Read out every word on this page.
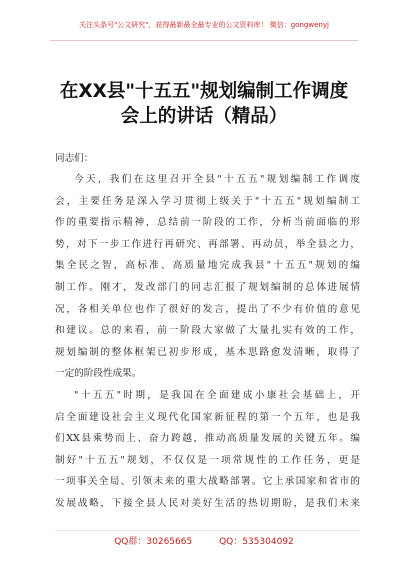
关注头条号"公文研究"，获得最新最全最专业的公文资料库！ 微信：gongwenyj
在XX县"十五五"规划编制工作调度
会上的讲话（精品）
同志们：
今天，我们在这里召开全县"十五五"规划编制工作调度
会，主要任务是深入学习贯彻上级关于"十五五"规划编制工
作的重要指示精神，总结前一阶段的工作，分析当前面临的形
势，对下一步工作进行再研究、再部署、再动员，举全县之力，
集全民之智，高标准、高质量地完成我县"十五五"规划的编
制工作。刚才，发改部门的同志汇报了规划编制的总体进展情
况，各相关单位也作了很好的发言，提出了不少有价值的意见
和建议。总的来看，前一阶段大家做了大量扎实有效的工作，
规划编制的整体框架已初步形成，基本思路愈发清晰，取得了
一定的阶段性成果。
"十五五"时期，是我国在全面建成小康社会基础上，开
启全面建设社会主义现代化国家新征程的第一个五年，也是我
们XX县乘势而上、奋力跨越，推动高质量发展的关键五年。编
制好"十五五"规划，不仅仅是一项常规性的工作任务，更是
一项事关全局、引领未来的重大战略部署。它上承国家和省市的
发展战略，下接全县人民对美好生活的热切期盼，是我们未来
QQ群：30265665	QQ：535304092
